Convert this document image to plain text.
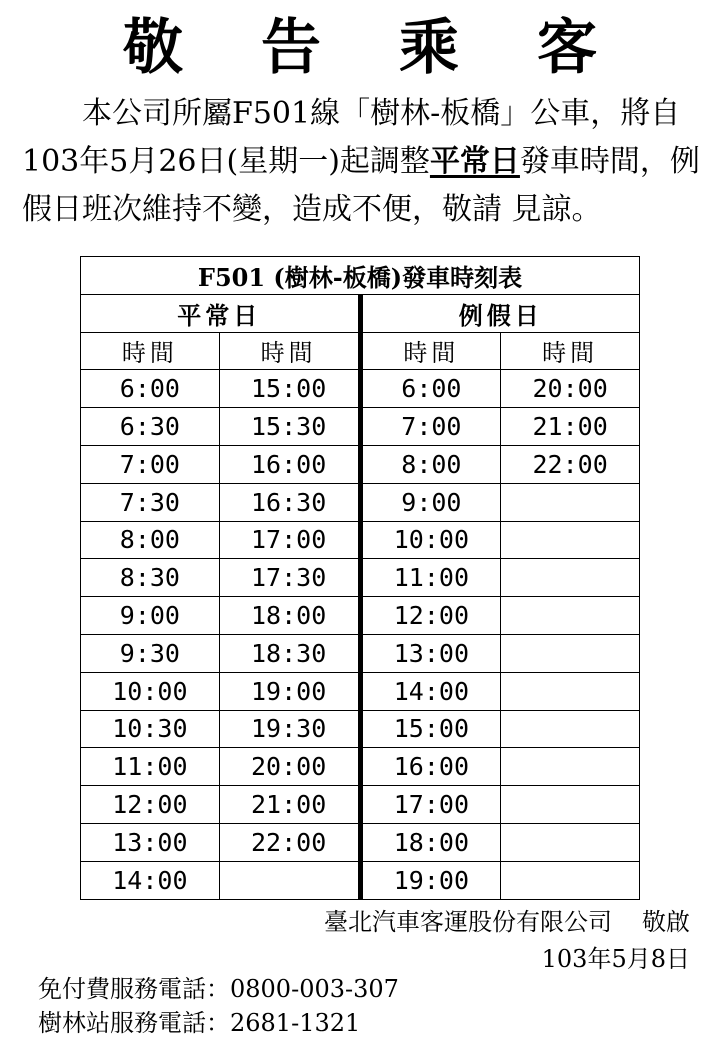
敬告乘客

　　本公司所屬F501線「樹林-板橋」公車，將自103年5月26日(星期一)起調整平常日發車時間，例假日班次維持不變，造成不便，敬請 見諒。

F501 (樹林-板橋)發車時刻表			
平常日		例假日	
時間	時間	時間	時間
6:00	15:00	6:00	20:00
6:30	15:30	7:00	21:00
7:00	16:00	8:00	22:00
7:30	16:30	9:00	
8:00	17:00	10:00	
8:30	17:30	11:00	
9:00	18:00	12:00	
9:30	18:30	13:00	
10:00	19:00	14:00	
10:30	19:30	15:00	
11:00	20:00	16:00	
12:00	21:00	17:00	
13:00	22:00	18:00	
14:00		19:00	
臺北汽車客運股份有限公司 敬啟
103年5月8日
免付費服務電話：0800-003-307
樹林站服務電話：2681-1321
